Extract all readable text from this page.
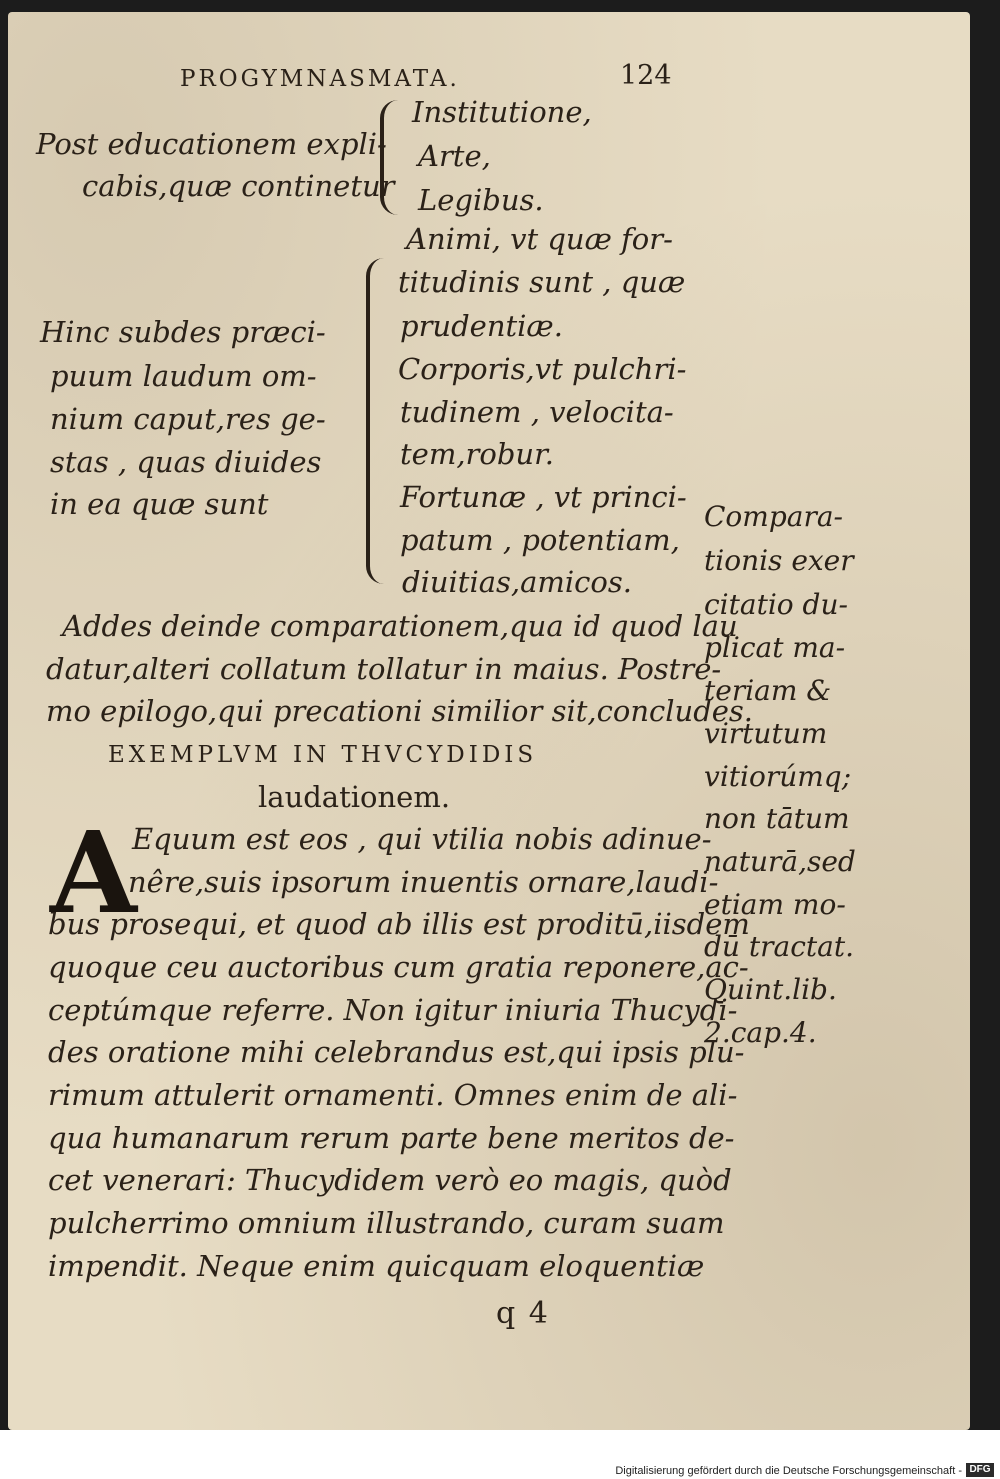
PROGYMNASMATA.	124
Post educationem expli-
cabis,quæ continetur
Institutione,
Arte,
Legibus.
Hinc subdes præci-
puum laudum om-
nium caput,res ge-
stas , quas diuides
in ea quæ sunt
Animi, vt quæ for-
titudinis sunt , quæ
prudentiæ.
Corporis,vt pulchri-
tudinem , velocita-
tem,robur.
Fortunæ , vt princi-
patum , potentiam,
diuitias,amicos.
Addes deinde comparationem,qua id quod lau
datur,alteri collatum tollatur in maius. Postre-
mo epilogo,qui precationi similior sit,concludes.
EXEMPLVM IN THVCYDIDIS
laudationem.
A
Equum est eos , qui vtilia nobis adinue-
nêre,suis ipsorum inuentis ornare,laudi-
bus prosequi, et quod ab illis est proditū,iisdem
quoque ceu auctoribus cum gratia reponere,ac-
ceptúmque referre. Non igitur iniuria Thucydi-
des oratione mihi celebrandus est,qui ipsis plu-
rimum attulerit ornamenti. Omnes enim de ali-
qua humanarum rerum parte bene meritos de-
cet venerari: Thucydidem verò eo magis, quòd
pulcherrimo omnium illustrando, curam suam
impendit. Neque enim quicquam eloquentiæ
Compara-
tionis exer
citatio du-
plicat ma-
teriam &
virtutum
vitiorúmq;
non tātum
naturā,sed
etiam mo-
dū tractat.
Quint.lib.
2.cap.4.
q 4
Digitalisierung gefördert durch die Deutsche Forschungsgemeinschaft - DFG
